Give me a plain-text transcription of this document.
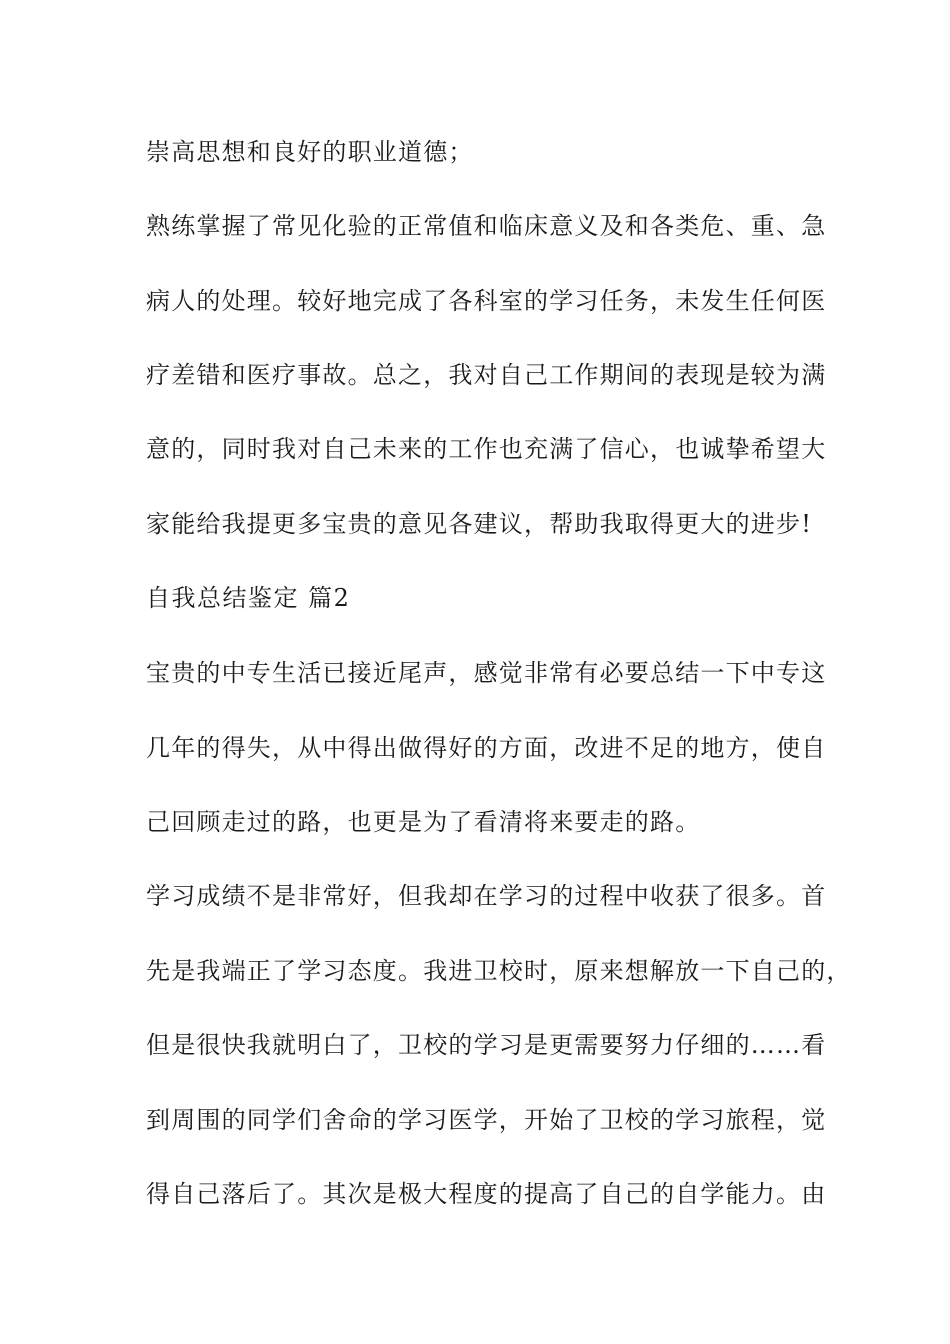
崇高思想和良好的职业道德；
熟练掌握了常见化验的正常值和临床意义及和各类危、重、急
病人的处理。较好地完成了各科室的学习任务，未发生任何医
疗差错和医疗事故。总之，我对自己工作期间的表现是较为满
意的，同时我对自己未来的工作也充满了信心，也诚挚希望大
家能给我提更多宝贵的意见各建议，帮助我取得更大的进步!
自我总结鉴定 篇2
宝贵的中专生活已接近尾声，感觉非常有必要总结一下中专这
几年的得失，从中得出做得好的方面，改进不足的地方，使自
己回顾走过的路，也更是为了看清将来要走的路。
学习成绩不是非常好，但我却在学习的过程中收获了很多。首
先是我端正了学习态度。我进卫校时，原来想解放一下自己的，
但是很快我就明白了，卫校的学习是更需要努力仔细的……看
到周围的同学们舍命的学习医学，开始了卫校的学习旅程，觉
得自己落后了。其次是极大程度的提高了自己的自学能力。由
